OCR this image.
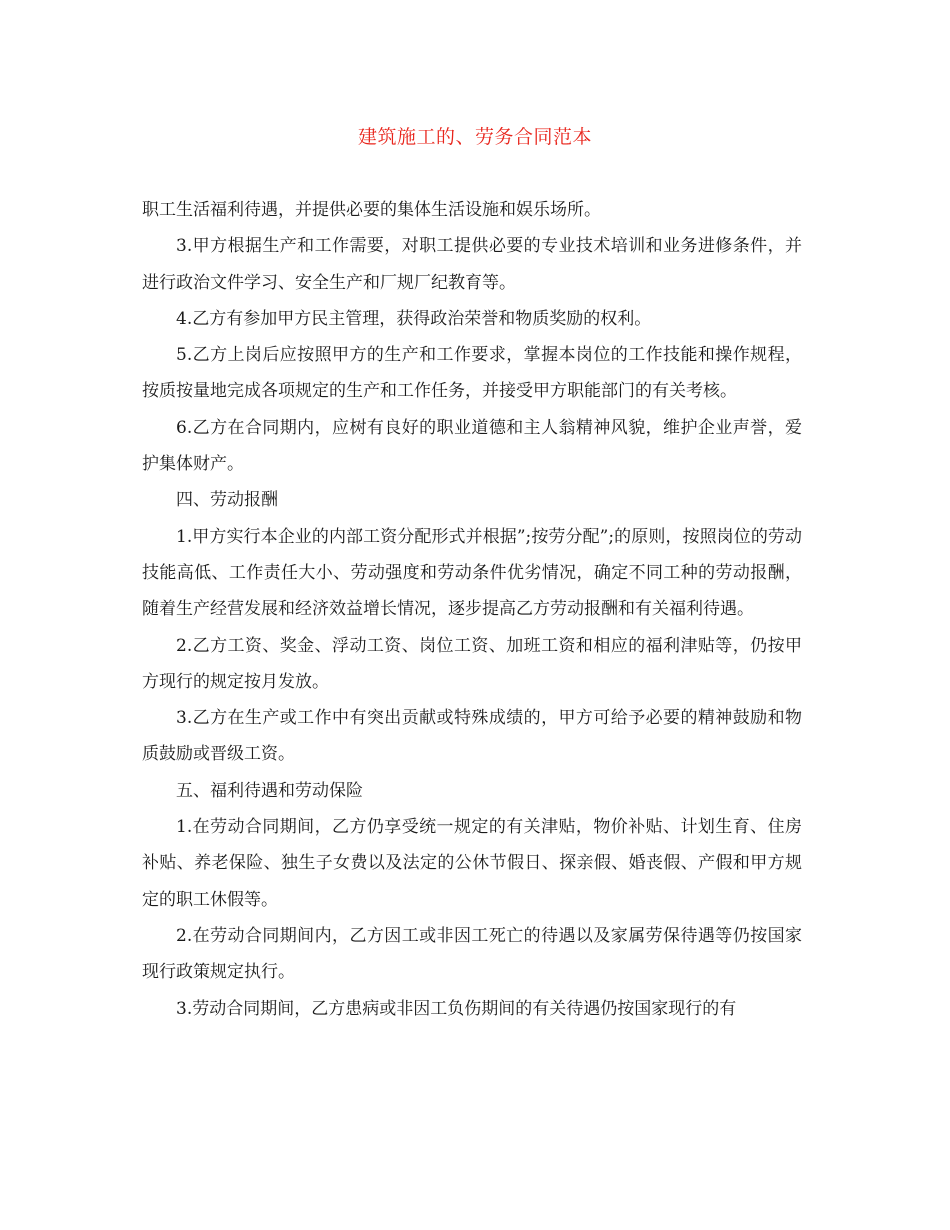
建筑施工的、劳务合同范本

职工生活福利待遇，并提供必要的集体生活设施和娱乐场所。

3.甲方根据生产和工作需要，对职工提供必要的专业技术培训和业务进修条件，并进行政治文件学习、安全生产和厂规厂纪教育等。

4.乙方有参加甲方民主管理，获得政治荣誉和物质奖励的权利。

5.乙方上岗后应按照甲方的生产和工作要求，掌握本岗位的工作技能和操作规程，按质按量地完成各项规定的生产和工作任务，并接受甲方职能部门的有关考核。

6.乙方在合同期内，应树有良好的职业道德和主人翁精神风貌，维护企业声誉，爱护集体财产。

四、劳动报酬

1.甲方实行本企业的内部工资分配形式并根据”;按劳分配”;的原则，按照岗位的劳动技能高低、工作责任大小、劳动强度和劳动条件优劣情况，确定不同工种的劳动报酬，随着生产经营发展和经济效益增长情况，逐步提高乙方劳动报酬和有关福利待遇。

2.乙方工资、奖金、浮动工资、岗位工资、加班工资和相应的福利津贴等，仍按甲方现行的规定按月发放。

3.乙方在生产或工作中有突出贡献或特殊成绩的，甲方可给予必要的精神鼓励和物质鼓励或晋级工资。

五、福利待遇和劳动保险

1.在劳动合同期间，乙方仍享受统一规定的有关津贴，物价补贴、计划生育、住房补贴、养老保险、独生子女费以及法定的公休节假日、探亲假、婚丧假、产假和甲方规定的职工休假等。

2.在劳动合同期间内，乙方因工或非因工死亡的待遇以及家属劳保待遇等仍按国家现行政策规定执行。

3.劳动合同期间，乙方患病或非因工负伤期间的有关待遇仍按国家现行的有
